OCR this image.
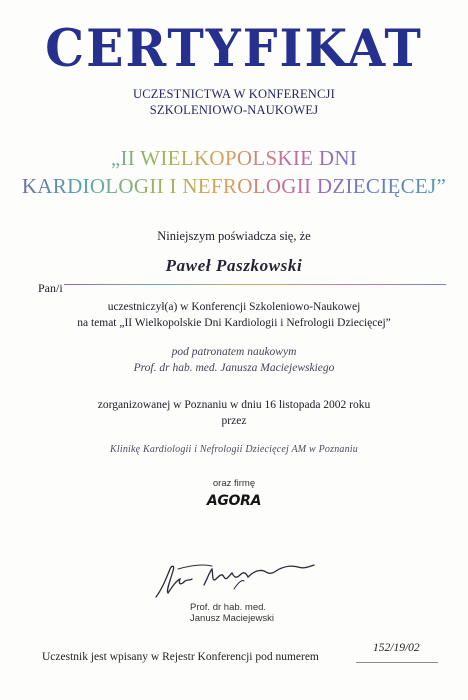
CERTYFIKAT
UCZESTNICTWA W KONFERENCJI
SZKOLENIOWO-NAUKOWEJ
„II WIELKOPOLSKIE DNI
KARDIOLOGII I NEFROLOGII DZIECIĘCEJ”
Niniejszym poświadcza się, że
Pan/i
Paweł Paszkowski
uczestniczył(a) w Konferencji Szkoleniowo-Naukowej
na temat „II Wielkopolskie Dni Kardiologii i Nefrologii Dziecięcej”
pod patronatem naukowym
Prof. dr hab. med. Janusza Maciejewskiego
zorganizowanej w Poznaniu w dniu 16 listopada 2002 roku
przez
Klinikę Kardiologii i Nefrologii Dziecięcej AM w Poznaniu
oraz firmę
AGORA
Prof. dr hab. med.
Janusz Maciejewski
Uczestnik jest wpisany w Rejestr Konferencji pod numerem
152/19/02
